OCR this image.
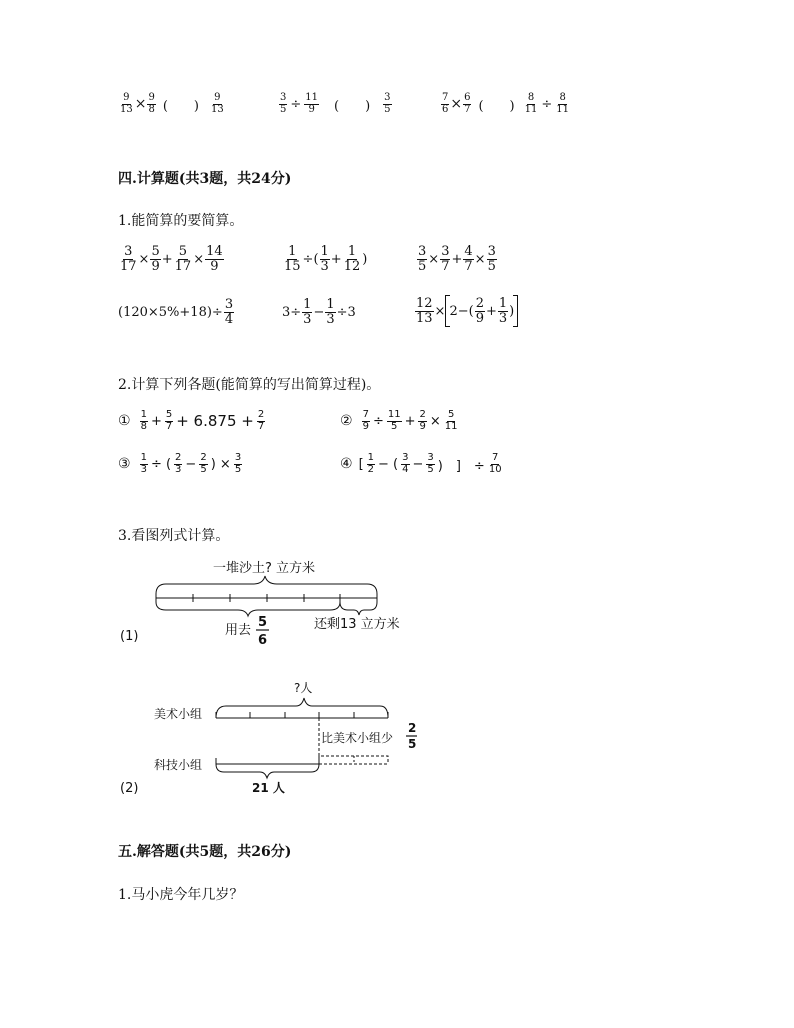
$\frac{9}{13} \times \frac{9}{8}$ (　　) $\frac{9}{13}$	$\frac{3}{5} \div \frac{11}{9}$ (　　) $\frac{3}{5}$	$\frac{7}{6} \times \frac{6}{7}$ (　　) $\frac{8}{11} \div \frac{8}{11}$
四.计算题(共3题，共24分)
1.能简算的要简算。
$\frac{3}{17} \times \frac{5}{9} + \frac{5}{17} \times \frac{14}{9}$	$\frac{1}{15}$ ÷( $\frac{1}{3} + \frac{1}{12}$ )	$\frac{3}{5} \times \frac{3}{7} + \frac{4}{7} \times \frac{3}{5}$
$(120\times 5\%+18)\div \frac{3}{4}$	$3\div \frac{1}{3} - \frac{1}{3} \div 3$	$\frac{12}{13} \times 2-( \frac{2}{9} + \frac{1}{3}$ )
2.计算下列各题(能简算的写出简算过程)。
① $\frac{1}{8} + \frac{5}{7} + 6.875 + \frac{2}{7}$	② $\frac{7}{9} \div \frac{11}{5} + \frac{2}{9} \times \frac{5}{11}$
③ $\frac{1}{3}$ ÷ ( $\frac{2}{3} - \frac{2}{5}$ ) × $\frac{3}{5}$	④ [ $\frac{1}{2}$ − ( $\frac{3}{4} - \frac{3}{5}$ )　]　÷ $\frac{7}{10}$
3.看图列式计算。
一堆沙土? 立方米
(1)	用去
5
6
还剩13 立方米
?人
美术小组
比美术小组少
2
5
科技小组
21 人
(2)
五.解答题(共5题，共26分)
1.马小虎今年几岁？
